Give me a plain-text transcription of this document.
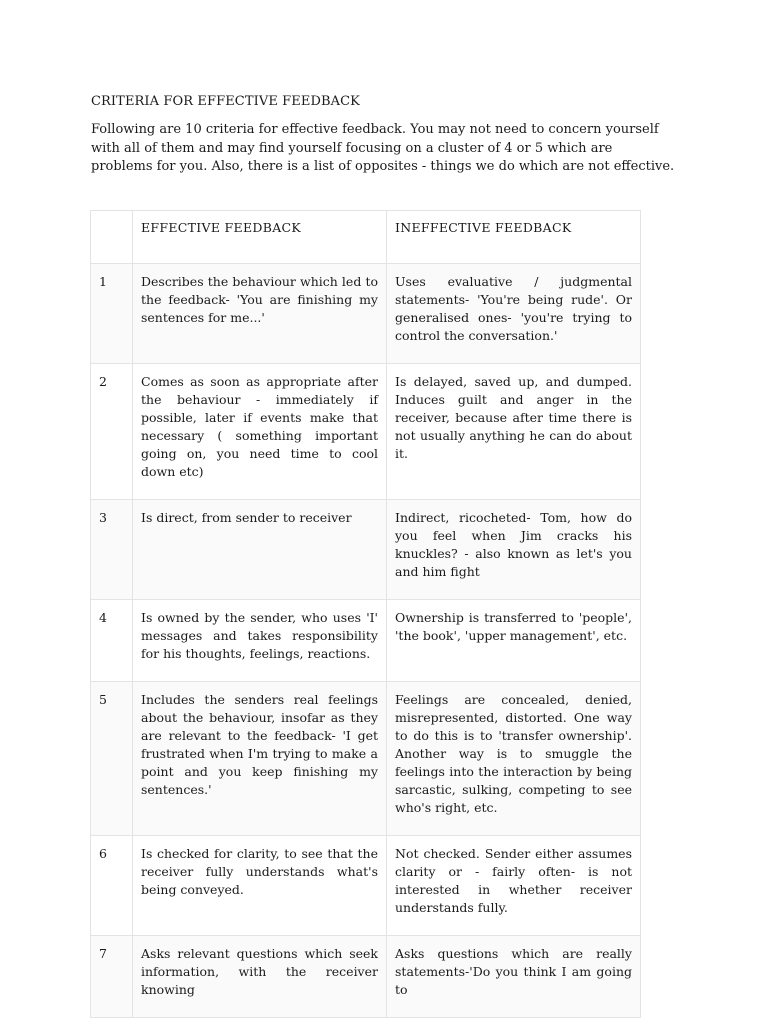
CRITERIA FOR EFFECTIVE FEEDBACK
Following are 10 criteria for effective feedback. You may not need to concern yourself with all of them and may find yourself focusing on a cluster of 4 or 5 which are problems for you. Also, there is a list of opposites - things we do which are not effective.
	EFFECTIVE FEEDBACK	INEFFECTIVE FEEDBACK
1	Describes the behaviour which led to the feedback- 'You are finishing my sentences for me...'	Uses evaluative / judgmental statements- 'You're being rude'. Or generalised ones- 'you're trying to control the conversation.'
2	Comes as soon as appropriate after the behaviour - immediately if possible, later if events make that necessary ( something important going on, you need time to cool down etc)	Is delayed, saved up, and dumped. Induces guilt and anger in the receiver, because after time there is not usually anything he can do about it.
3	Is direct, from sender to receiver	Indirect, ricocheted- Tom, how do you feel when Jim cracks his knuckles? - also known as let's you and him fight
4	Is owned by the sender, who uses 'I' messages and takes responsibility for his thoughts, feelings, reactions.	Ownership is transferred to 'people', 'the book', 'upper management', etc.
5	Includes the senders real feelings about the behaviour, insofar as they are relevant to the feedback- 'I get frustrated when I'm trying to make a point and you keep finishing my sentences.'	Feelings are concealed, denied, misrepresented, distorted. One way to do this is to 'transfer ownership'. Another way is to smuggle the feelings into the interaction by being sarcastic, sulking, competing to see who's right, etc.
6	Is checked for clarity, to see that the receiver fully understands what's being conveyed.	Not checked. Sender either assumes clarity or - fairly often- is not interested in whether receiver understands fully.
7	Asks relevant questions which seek information, with the receiver knowing	Asks questions which are really statements-'Do you think I am going to
